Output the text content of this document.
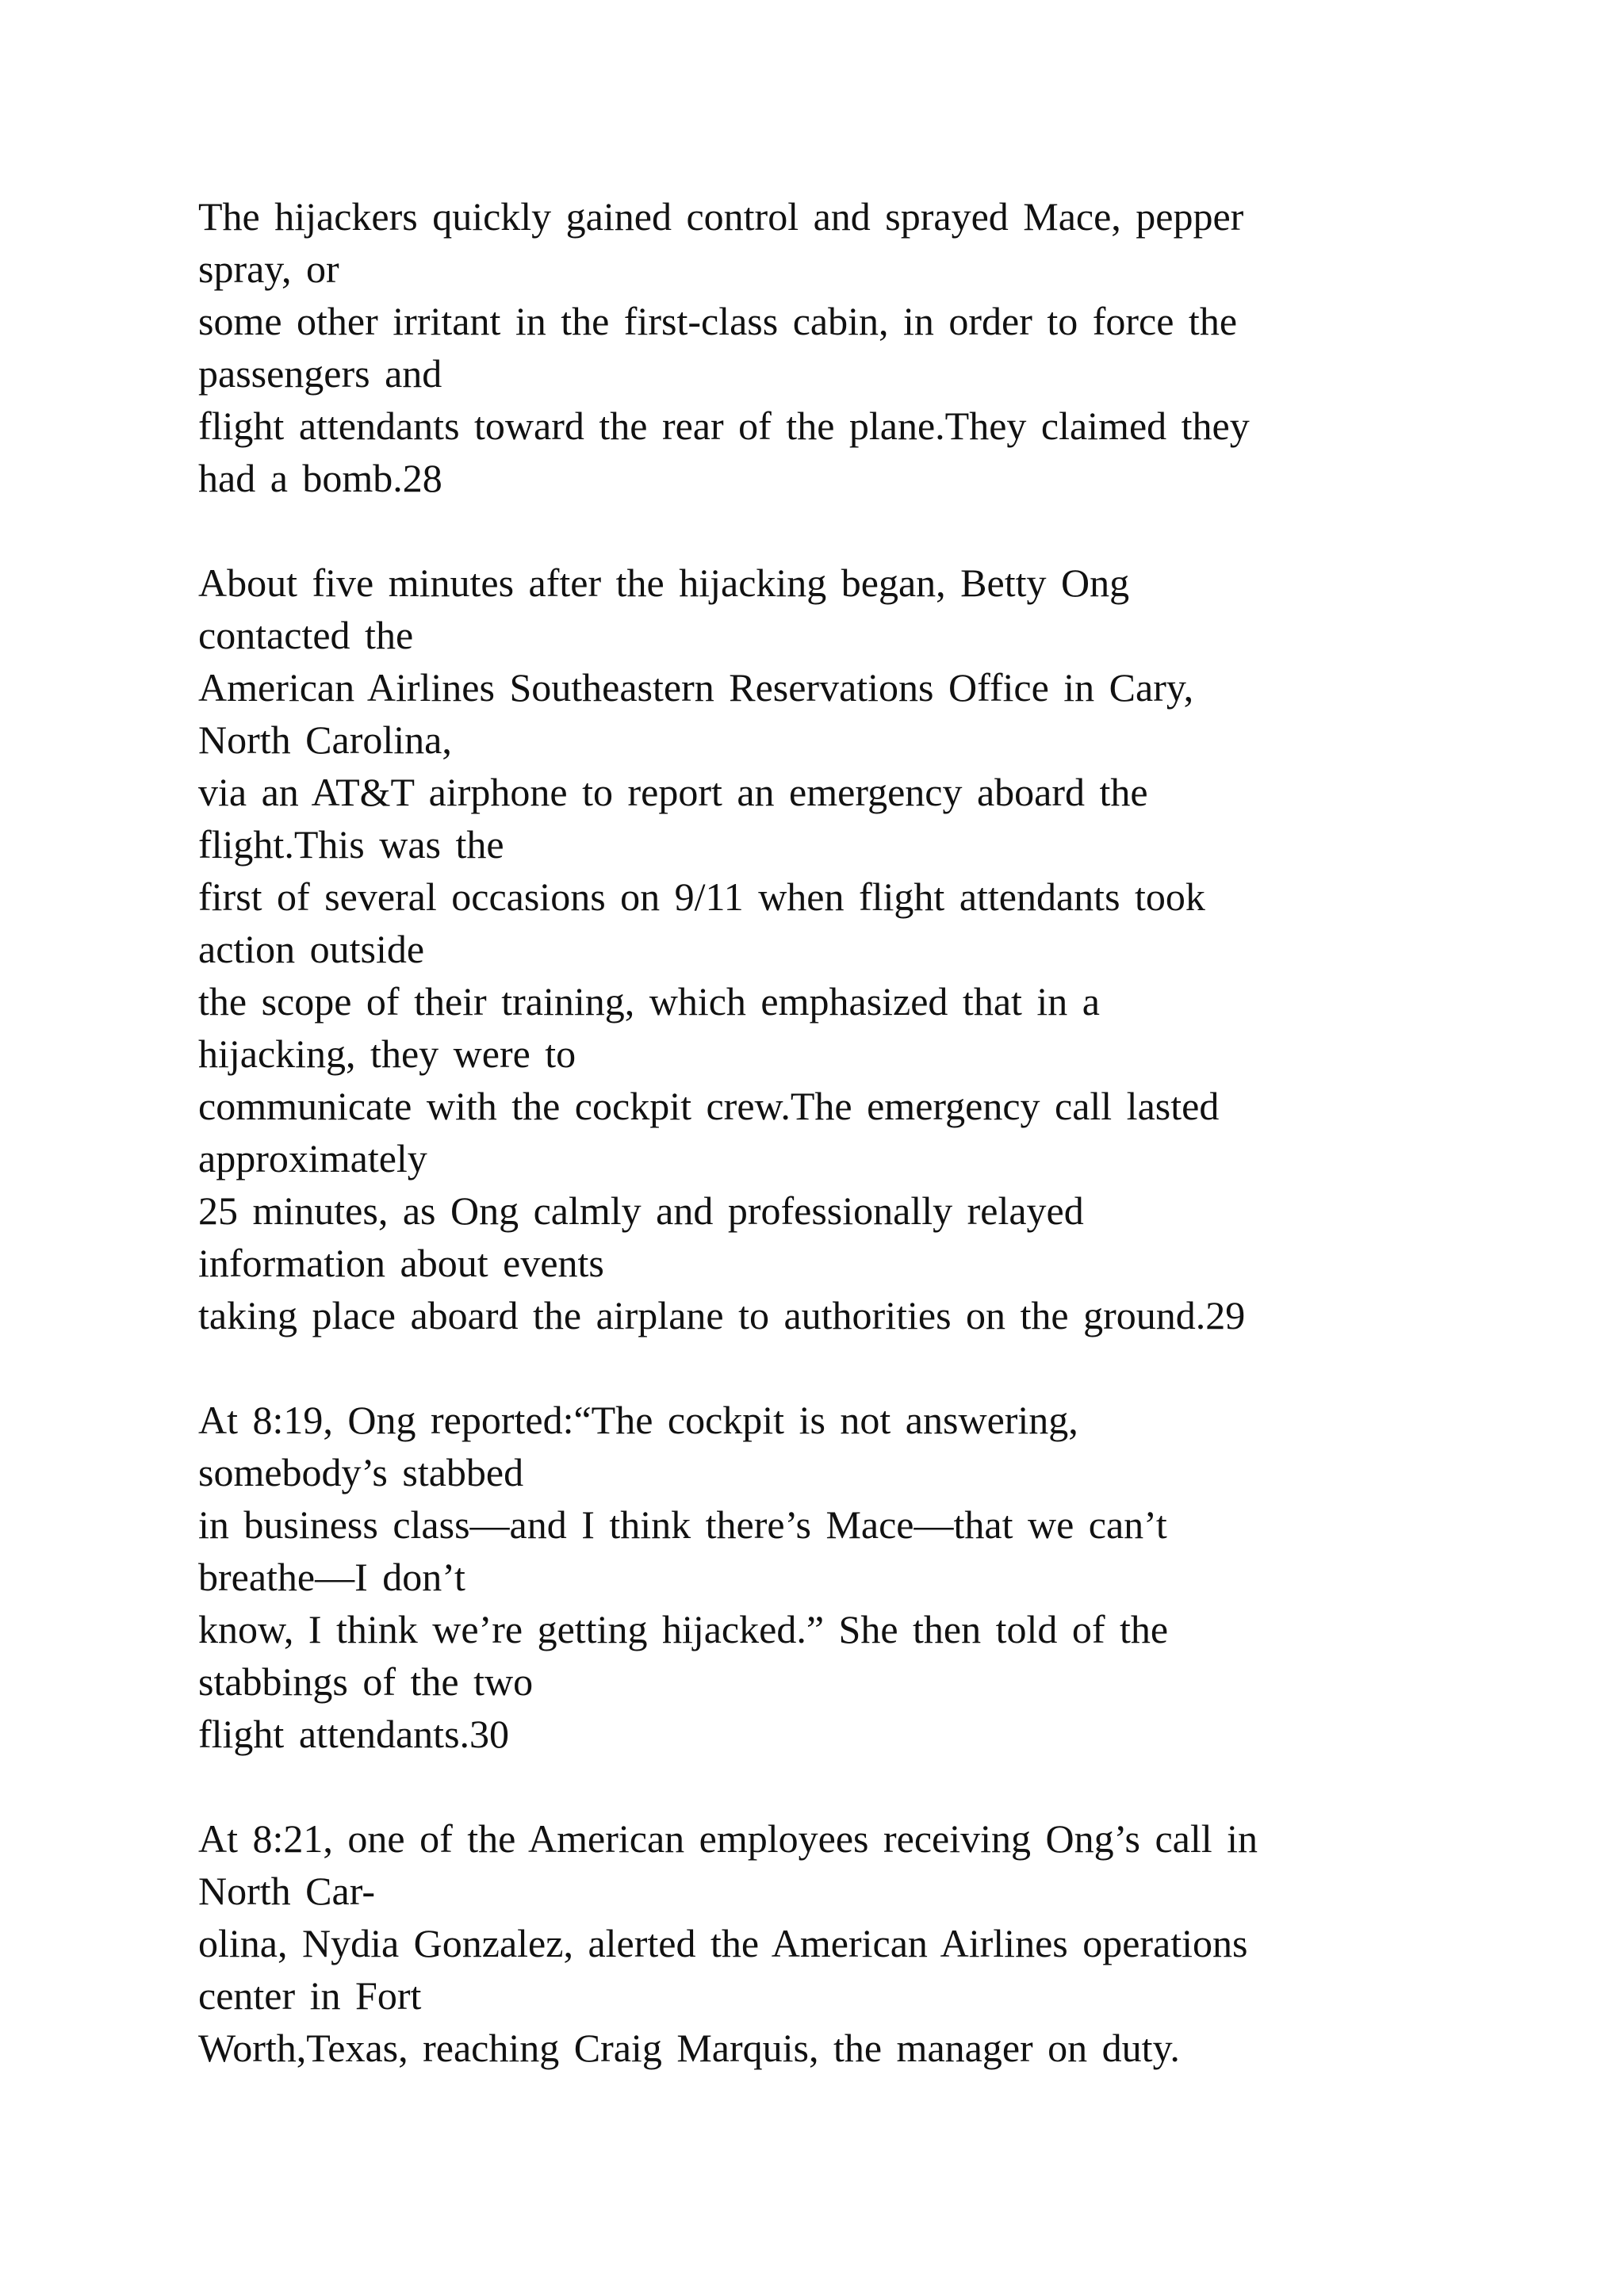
The hijackers quickly gained control and sprayed Mace, pepper
spray, or
some other irritant in the first-class cabin, in order to force the
passengers and
flight attendants toward the rear of the plane.They claimed they
had a bomb.28
About five minutes after the hijacking began, Betty Ong
contacted the
American Airlines Southeastern Reservations Office in Cary,
North Carolina,
via an AT&T airphone to report an emergency aboard the
flight.This was the
first of several occasions on 9/11 when flight attendants took
action outside
the scope of their training, which emphasized that in a
hijacking, they were to
communicate with the cockpit crew.The emergency call lasted
approximately
25 minutes, as Ong calmly and professionally relayed
information about events
taking place aboard the airplane to authorities on the ground.29
At 8:19, Ong reported:“The cockpit is not answering,
somebody’s stabbed
in business class—and I think there’s Mace—that we can’t
breathe—I don’t
know, I think we’re getting hijacked.” She then told of the
stabbings of the two
flight attendants.30
At 8:21, one of the American employees receiving Ong’s call in
North Car-
olina, Nydia Gonzalez, alerted the American Airlines operations
center in Fort
Worth,Texas, reaching Craig Marquis, the manager on duty.
